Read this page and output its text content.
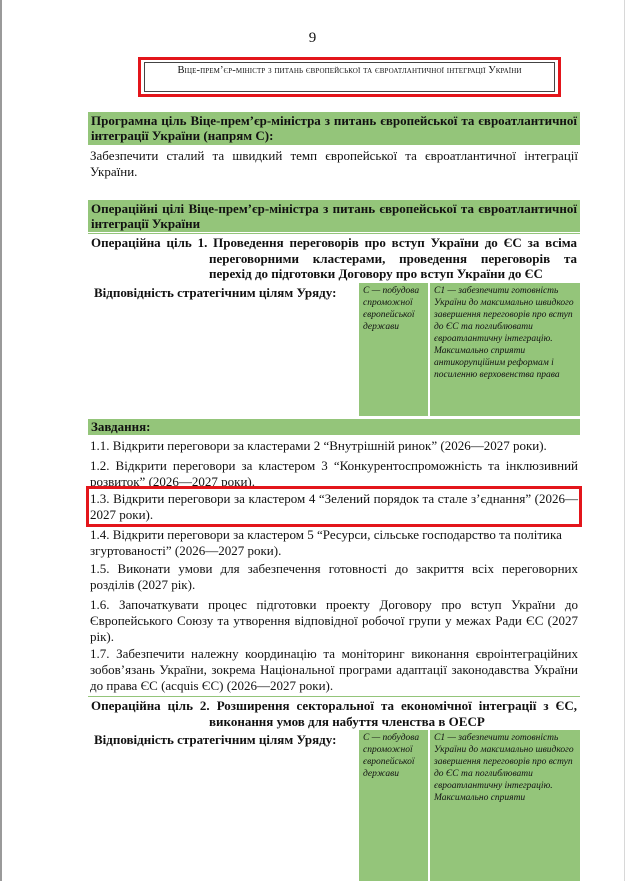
9
Віце-прем’єр-міністр з питань європейської та євроатлантичної інтеграції України
Програмна ціль Віце-прем’єр-міністра з питань європейської та євроатлантичної інтеграції України (напрям С):
Забезпечити сталий та швидкий темп європейської та євроатлантичної інтеграції України.
Операційні цілі Віце-прем’єр-міністра з питань європейської та євроатлантичної інтеграції України
Операційна ціль 1. Проведення переговорів про вступ України до ЄС за всіма переговорними кластерами, проведення переговорів та перехід до підготовки Договору про вступ України до ЄС
Відповідність стратегічним цілям Уряду:	С — побудова спроможної європейської держави
С1 — забезпечити готовність України до максимально швидкого завершення переговорів про вступ до ЄС та поглиблювати євроатлантичну інтеграцію. Максимально сприяти антикорупційним реформам і посиленню верховенства права
Завдання:
1.1. Відкрити переговори за кластерами 2 “Внутрішній ринок” (2026—2027 роки).
1.2. Відкрити переговори за кластером 3 “Конкурентоспроможність та інклюзивний розвиток” (2026—2027 роки).
1.3. Відкрити переговори за кластером 4 “Зелений порядок та стале з’єднання” (2026—2027 роки).
1.4. Відкрити переговори за кластером 5 “Ресурси, сільське господарство та політика згуртованості” (2026—2027 роки).
1.5. Виконати умови для забезпечення готовності до закриття всіх переговорних розділів (2027 рік).
1.6. Започаткувати процес підготовки проекту Договору про вступ України до Європейського Союзу та утворення відповідної робочої групи у межах Ради ЄС (2027 рік).
1.7. Забезпечити належну координацію та моніторинг виконання євроінтеграційних зобов’язань України, зокрема Національної програми адаптації законодавства України до права ЄС (acquis ЄС) (2026—2027 роки).
Операційна ціль 2. Розширення секторальної та економічної інтеграції з ЄС, виконання умов для набуття членства в ОЕСР
Відповідність стратегічним цілям Уряду:	С — побудова спроможної європейської держави
С1 — забезпечити готовність України до максимально швидкого завершення переговорів про вступ до ЄС та поглиблювати євроатлантичну інтеграцію. Максимально сприяти
